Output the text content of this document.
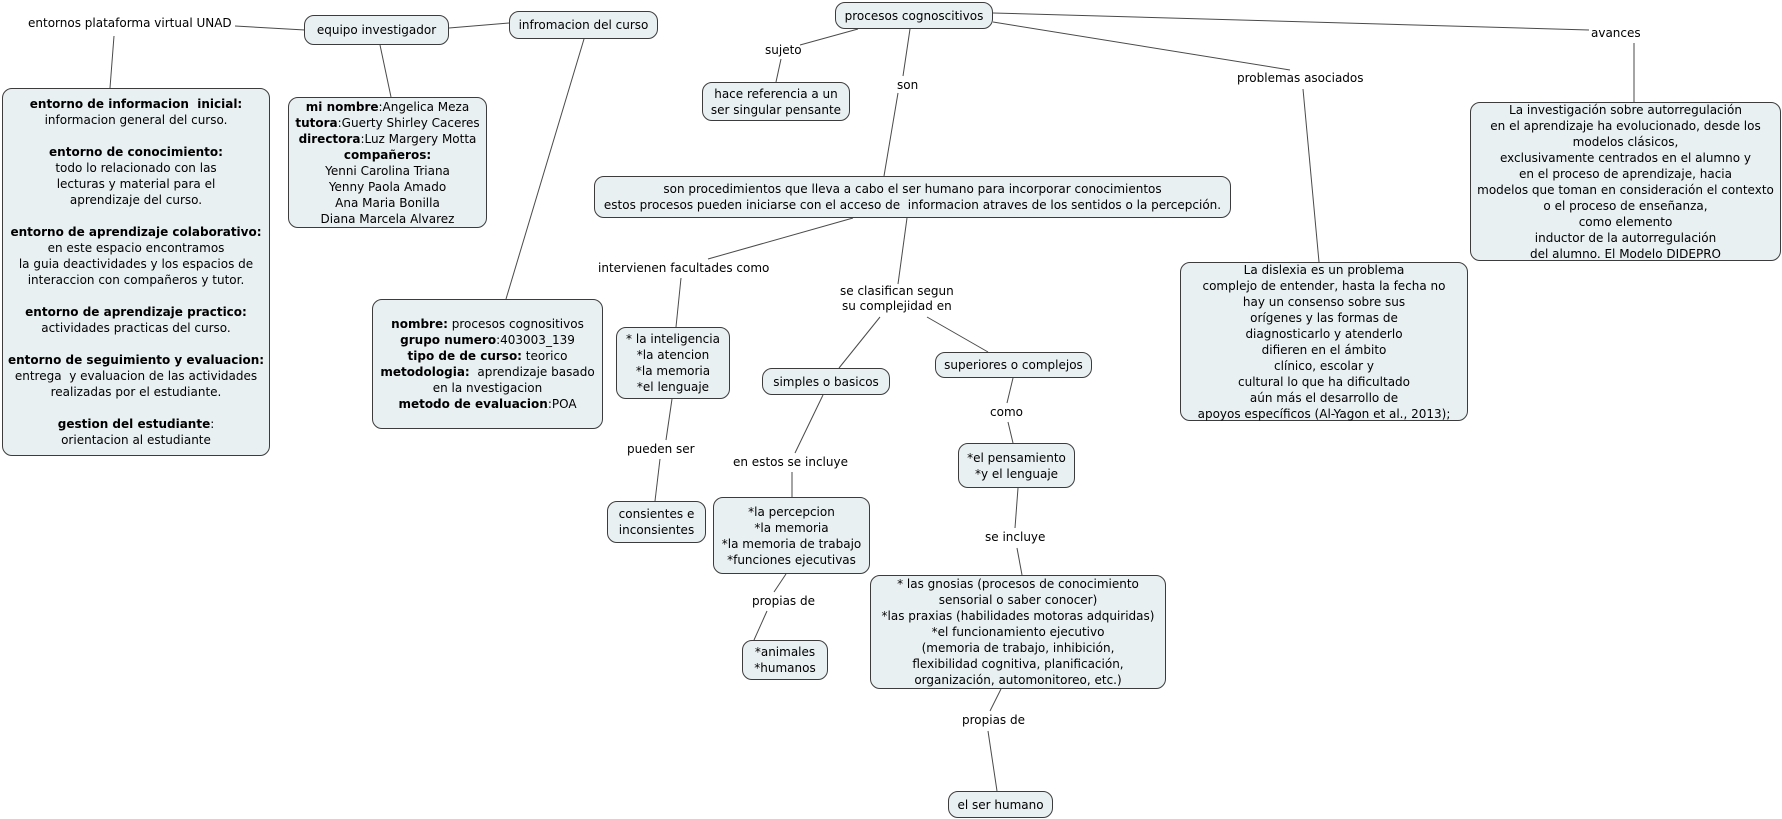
entorno de informacion  inicial:
informacion general del curso.
entorno de conocimiento:
todo lo relacionado con las
lecturas y material para el
aprendizaje del curso.
entorno de aprendizaje colaborativo:
en este espacio encontramos
la guia deactividades y los espacios de
interaccion con compañeros y tutor.
entorno de aprendizaje practico:
actividades practicas del curso.
entorno de seguimiento y evaluacion:
entrega  y evaluacion de las actividades
realizadas por el estudiante.
gestion del estudiante:
orientacion al estudiante
equipo investigador	infromacion del curso
procesos cognoscitivos
mi nombre:Angelica Meza
tutora:Guerty Shirley Caceres
directora:Luz Margery Motta
compañeros:
Yenni Carolina Triana
Yenny Paola Amado
Ana Maria Bonilla
Diana Marcela Alvarez
nombre: procesos cognositivos
grupo numero:403003_139
tipo de de curso: teorico
metodologia:  aprendizaje basado
en la nvestigacion
metodo de evaluacion:POA
hace referencia a un
ser singular pensante
son procedimientos que lleva a cabo el ser humano para incorporar conocimientos
estos procesos pueden iniciarse con el acceso de  informacion atraves de los sentidos o la percepción.
* la inteligencia
*la atencion
*la memoria
*el lenguaje	simples o basicos
superiores o complejos
*el pensamiento
*y el lenguaje
consientes e
inconsientes
*la percepcion
*la memoria
*la memoria de trabajo
*funciones ejecutivas
* las gnosias (procesos de conocimiento
sensorial o saber conocer)
*las praxias (habilidades motoras adquiridas)
*el funcionamiento ejecutivo
(memoria de trabajo, inhibición,
flexibilidad cognitiva, planificación,
organización, automonitoreo, etc.)
*animales
*humanos
el ser humano
La dislexia es un problema
complejo de entender, hasta la fecha no
hay un consenso sobre sus
orígenes y las formas de
diagnosticarlo y atenderlo
difieren en el ámbito
clínico, escolar y
cultural lo que ha dificultado
aún más el desarrollo de
apoyos específicos (Al-Yagon et al., 2013);
La investigación sobre autorregulación
en el aprendizaje ha evolucionado, desde los
modelos clásicos,
exclusivamente centrados en el alumno y
en el proceso de aprendizaje, hacia
modelos que toman en consideración el contexto
o el proceso de enseñanza,
como elemento
inductor de la autorregulación
del alumno. El Modelo DIDEPRO
entornos plataforma virtual UNAD
sujeto
son	problemas asociados
avances
intervienen facultades como
se clasifican segun
su complejidad en
pueden ser
en estos se incluye
como
se incluye
propias de
propias de
